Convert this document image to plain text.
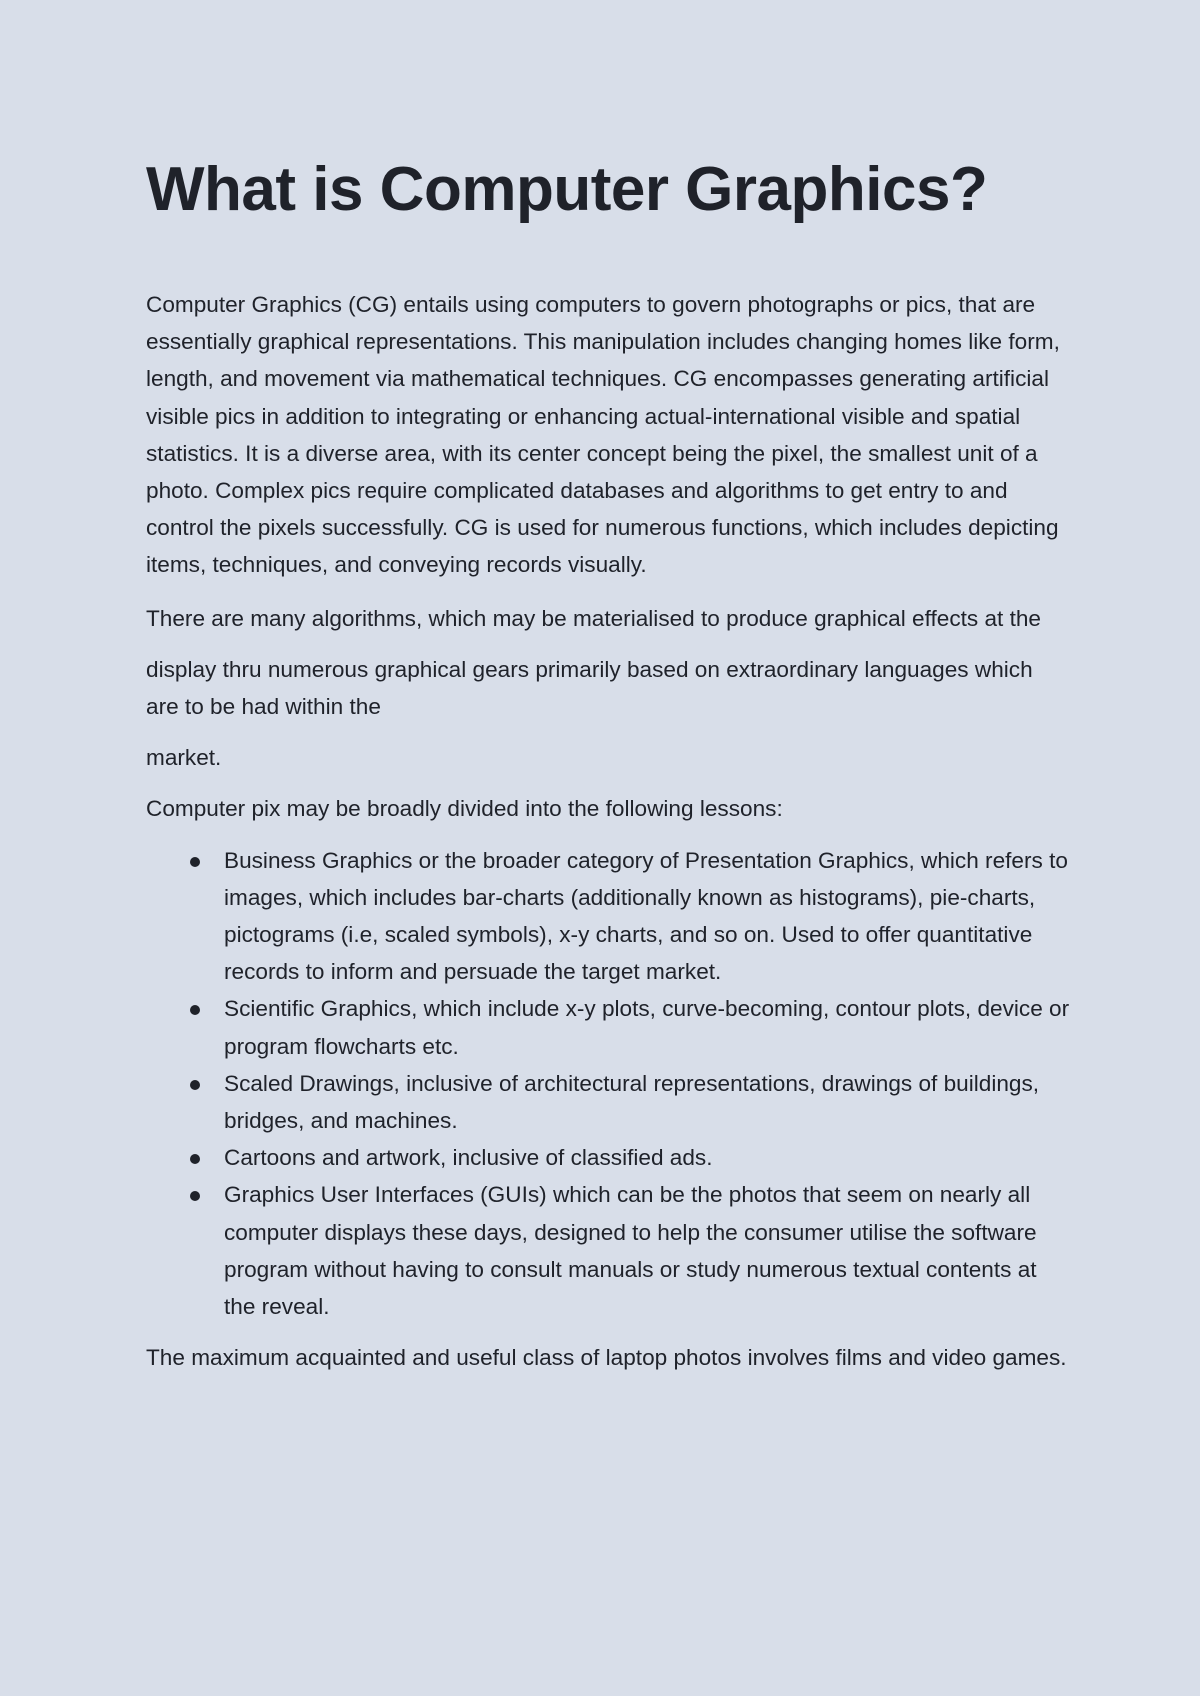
What is Computer Graphics?

Computer Graphics (CG) entails using computers to govern photographs or pics, that are essentially graphical representations. This manipulation includes changing homes like form, length, and movement via mathematical techniques. CG encompasses generating artificial visible pics in addition to integrating or enhancing actual-international visible and spatial statistics. It is a diverse area, with its center concept being the pixel, the smallest unit of a photo. Complex pics require complicated databases and algorithms to get entry to and control the pixels successfully. CG is used for numerous functions, which includes depicting items, techniques, and conveying records visually.

There are many algorithms, which may be materialised to produce graphical effects at the

display thru numerous graphical gears primarily based on extraordinary languages which are to be had within the

market.

Computer pix may be broadly divided into the following lessons:

Business Graphics or the broader category of Presentation Graphics, which refers to images, which includes bar-charts (additionally known as histograms), pie-charts, pictograms (i.e, scaled symbols), x-y charts, and so on. Used to offer quantitative records to inform and persuade the target market.
Scientific Graphics, which include x-y plots, curve-becoming, contour plots, device or program flowcharts etc.
Scaled Drawings, inclusive of architectural representations, drawings of buildings, bridges, and machines.
Cartoons and artwork, inclusive of classified ads.
Graphics User Interfaces (GUIs) which can be the photos that seem on nearly all computer displays these days, designed to help the consumer utilise the software program without having to consult manuals or study numerous textual contents at the reveal.

The maximum acquainted and useful class of laptop photos involves films and video games.
